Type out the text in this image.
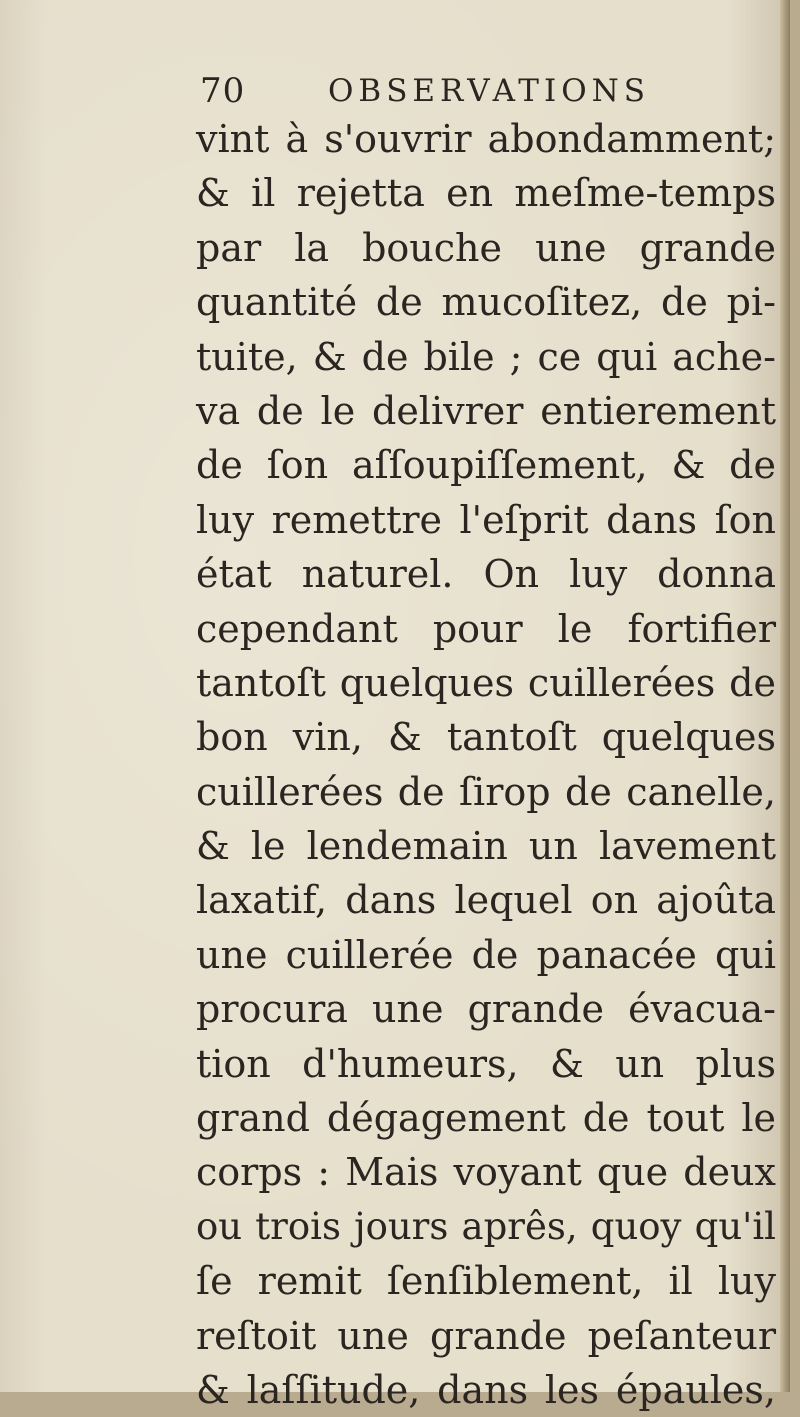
70	OBSERVATIONS
vint à s'ouvrir abondamment;
& il rejetta en meſme-temps
par la bouche une grande
quantité de mucoſitez, de pi-
tuite, & de bile ; ce qui ache-
va de le delivrer entierement
de ſon aſſoupiſſement, & de
luy remettre l'eſprit dans ſon
état naturel. On luy donna
cependant pour le fortifier
tantoſt quelques cuillerées de
bon vin, & tantoſt quelques
cuillerées de ſirop de canelle,
& le lendemain un lavement
laxatif, dans lequel on ajoûta
une cuillerée de panacée qui
procura une grande évacua-
tion d'humeurs, & un plus
grand dégagement de tout le
corps : Mais voyant que deux
ou trois jours aprês, quoy qu'il
ſe remit ſenſiblement, il luy
reſtoit une grande peſanteur
& laſſitude, dans les épaules,
